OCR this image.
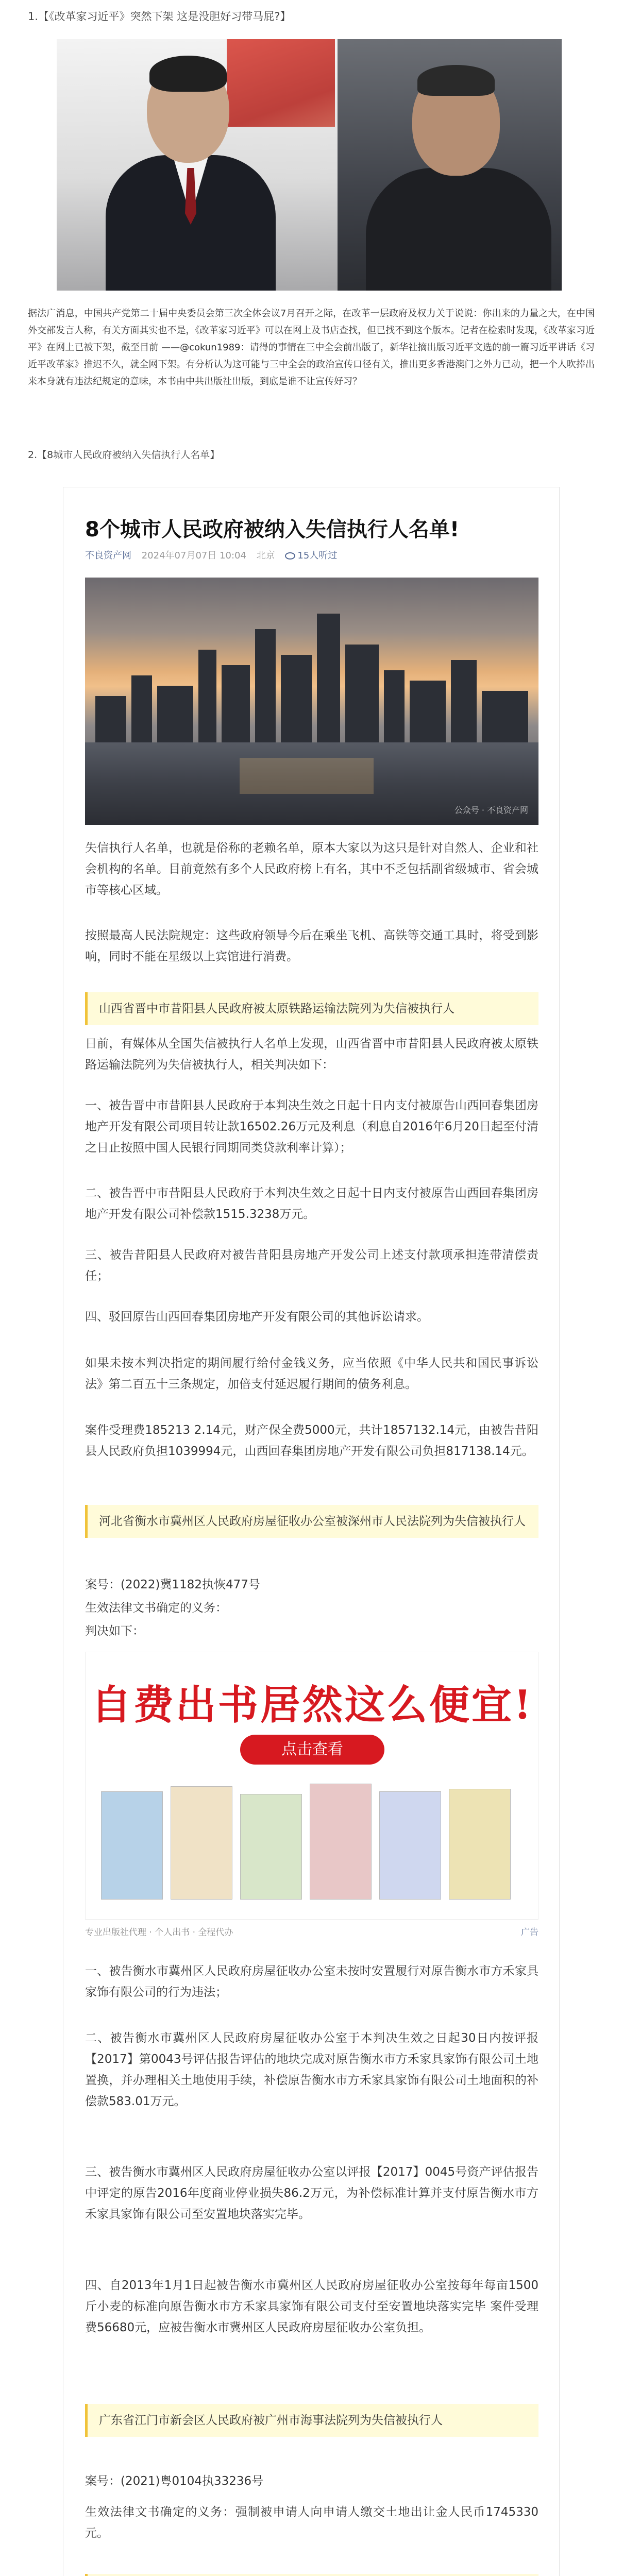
1.【《改革家习近平》突然下架 这是没胆好习带马屁?】
据法广消息，中国共产党第二十届中央委员会第三次全体会议7月召开之际，在改革一层政府及权力关于说说：你出来的力量之大，在中国外交部发言人称，有关方面其实也不是，《改革家习近平》可以在网上及书店查找，但已找不到这个版本。记者在检索时发现，《改革家习近平》在网上已被下架，截至目前 ——@cokun1989：请得的事情在三中全会前出版了，新华社摘出版习近平文选的前一篇习近平讲话《习近平改革家》推迟不久，就全网下架。有分析认为这可能与三中全会的政治宣传口径有关，推出更多香港澳门之外力已动，把一个人吹捧出来本身就有违法纪规定的意味，本书由中共出版社出版，到底是谁不让宣传好习？
2.【8城市人民政府被纳入失信执行人名单】
8个城市人民政府被纳入失信执行人名单!
不良资产网 2024年07月07日 10:04 北京 15人听过
公众号 · 不良资产网
失信执行人名单，也就是俗称的老赖名单，原本大家以为这只是针对自然人、企业和社会机构的名单。目前竟然有多个人民政府榜上有名，其中不乏包括副省级城市、省会城市等核心区域。
按照最高人民法院规定：这些政府领导今后在乘坐飞机、高铁等交通工具时，将受到影响，同时不能在星级以上宾馆进行消费。
山西省晋中市昔阳县人民政府被太原铁路运输法院列为失信被执行人
日前，有媒体从全国失信被执行人名单上发现，山西省晋中市昔阳县人民政府被太原铁路运输法院列为失信被执行人，相关判决如下：
一、被告晋中市昔阳县人民政府于本判决生效之日起十日内支付被原告山西回春集团房地产开发有限公司项目转让款16502.26万元及利息（利息自2016年6月20日起至付清之日止按照中国人民银行同期同类贷款利率计算）；
二、被告晋中市昔阳县人民政府于本判决生效之日起十日内支付被原告山西回春集团房地产开发有限公司补偿款1515.3238万元。
三、被告昔阳县人民政府对被告昔阳县房地产开发公司上述支付款项承担连带清偿责任；
四、驳回原告山西回春集团房地产开发有限公司的其他诉讼请求。
如果未按本判决指定的期间履行给付金钱义务，应当依照《中华人民共和国民事诉讼法》第二百五十三条规定，加倍支付延迟履行期间的债务利息。
案件受理费185213 2.14元，财产保全费5000元，共计1857132.14元，由被告昔阳县人民政府负担1039994元，山西回春集团房地产开发有限公司负担817138.14元。
河北省衡水市冀州区人民政府房屋征收办公室被深州市人民法院列为失信被执行人
案号：(2022)冀1182执恢477号
生效法律文书确定的义务：
判决如下：
自费出书居然这么便宜!
点击查看
专业出版社代理 · 个人出书 · 全程代办	广告
一、被告衡水市冀州区人民政府房屋征收办公室未按时安置履行对原告衡水市方禾家具家饰有限公司的行为违法；
二、被告衡水市冀州区人民政府房屋征收办公室于本判决生效之日起30日内按评报【2017】第0043号评估报告评估的地块完成对原告衡水市方禾家具家饰有限公司土地置换，并办理相关土地使用手续，补偿原告衡水市方禾家具家饰有限公司土地面积的补偿款583.01万元。
三、被告衡水市冀州区人民政府房屋征收办公室以评报【2017】0045号资产评估报告中评定的原告2016年度商业停业损失86.2万元，为补偿标准计算并支付原告衡水市方禾家具家饰有限公司至安置地块落实完毕。
四、自2013年1月1日起被告衡水市冀州区人民政府房屋征收办公室按每年每亩1500斤小麦的标准向原告衡水市方禾家具家饰有限公司支付至安置地块落实完毕 案件受理费56680元，应被告衡水市冀州区人民政府房屋征收办公室负担。
广东省江门市新会区人民政府被广州市海事法院列为失信被执行人
案号：(2021)粤0104执33236号
生效法律文书确定的义务：强制被申请人向申请人缴交土地出让金人民币1745330元。
